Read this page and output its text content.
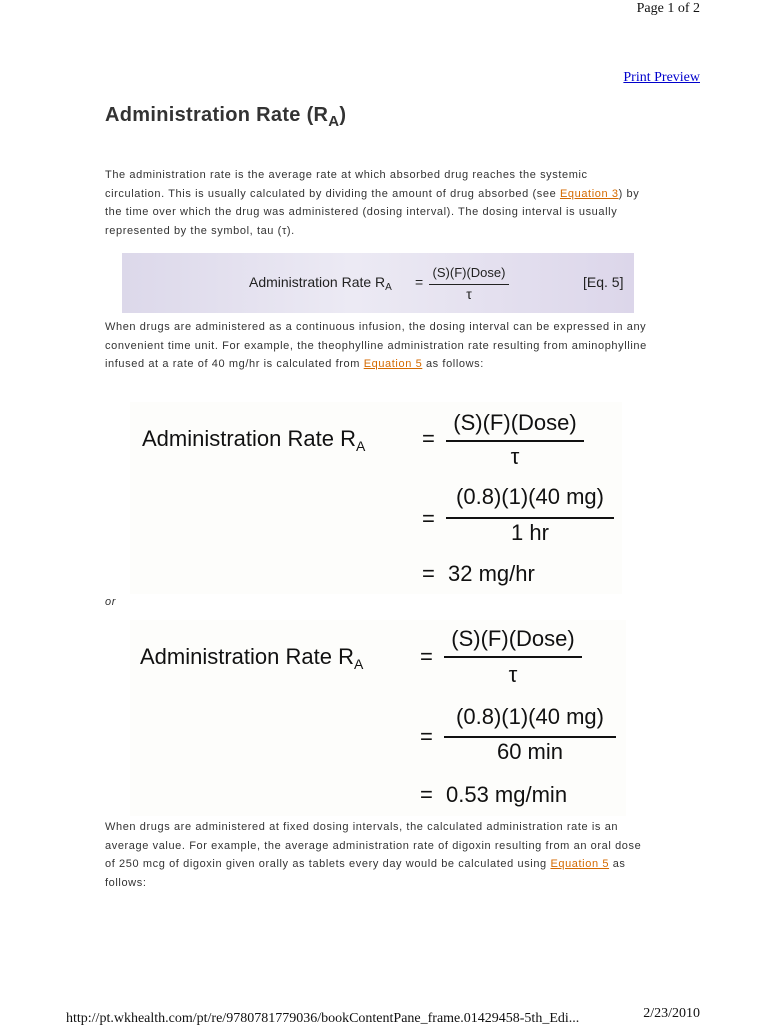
Page 1 of 2
Print Preview
Administration Rate $(R_A)$

The administration rate is the average rate at which absorbed drug reaches the systemic circulation. This is usually calculated by dividing the amount of drug absorbed (see Equation 3) by the time over which the drug was administered (dosing interval). The dosing interval is usually represented by the symbol, tau (τ).

Administration Rate $R_A$ =
(S)(F)(Dose)
τ
[Eq. 5]

When drugs are administered as a continuous infusion, the dosing interval can be expressed in any convenient time unit. For example, the theophylline administration rate resulting from aminophylline infused at a rate of 40 mg/hr is calculated from Equation 5 as follows:

Administration Rate $R_A$	=
(S)(F)(Dose)
τ
=
(0.8)(1)(40 mg)
1 hr
= 32 mg/hr
or
Administration Rate $R_A$	=
(S)(F)(Dose)
τ
=
(0.8)(1)(40 mg)
60 min
= 0.53 mg/min

When drugs are administered at fixed dosing intervals, the calculated administration rate is an average value. For example, the average administration rate of digoxin resulting from an oral dose of 250 mcg of digoxin given orally as tablets every day would be calculated using Equation 5 as follows:

http://pt.wkhealth.com/pt/re/9780781779036/bookContentPane_frame.01429458-5th_Edi...	2/23/2010
